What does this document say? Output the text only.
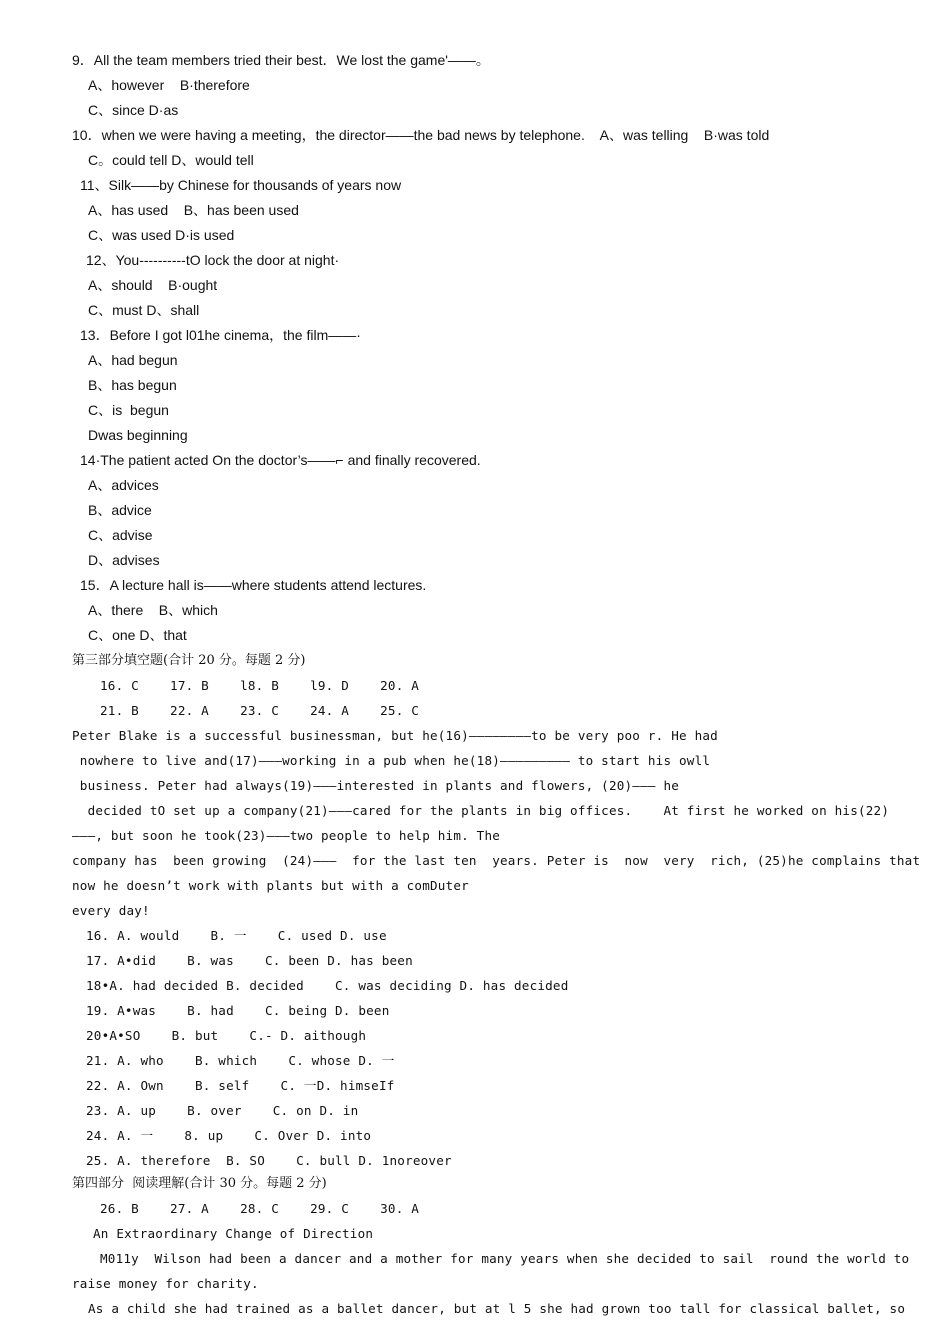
9．All the team members tried their best．We lost the game'——。
A、however    B·therefore
C、since D·as
10．when we were having a meeting，the director——the bad news by telephone.    A、was telling    B·was told
C。could tell D、would tell
11、Silk——by Chinese for thousands of years now
A、has used    B、has been used
C、was used D·is used
12、You----------tO lock the door at night·
A、should    B·ought
C、must D、shall
13．Before I got l01he cinema，the film——·
A、had begun
B、has begun
C、is  begun
Dwas beginning
14·The patient acted On the doctor’s——⌐ and finally recovered.
A、advices
B、advice
C、advise
D、advises
15．A lecture hall is——where students attend lectures.
A、there    B、which
C、one D、that
第三部分填空题(合计 20 分。每题 2 分)
16. C    17. B    l8. B    l9. D    20. A
21. B    22. A    23. C    24. A    25. C
Peter Blake is a successful businessman, but he(16)————————to be very poo r. He had
nowhere to live and(17)———working in a pub when he(18)————————— to start his owll
business. Peter had always(19)———interested in plants and flowers, (20)——— he
decided tO set up a company(21)———cared for the plants in big offices.    At first he worked on his(22)
———, but soon he took(23)———two people to help him. The
company has  been growing  (24)———  for the last ten  years. Peter is  now  very  rich, (25)he complains that
now he doesn’t work with plants but with a comDuter
every day!
16. A. would    B. 一    C. used D. use
17. A•did    B. was    C. been D. has been
18•A. had decided B. decided    C. was deciding D. has decided
19. A•was    B. had    C. being D. been
20•A•SO    B. but    C.- D. aithough
21. A. who    B. which    C. whose D. 一
22. A. Own    B. self    C. 一D. himseIf
23. A. up    B. over    C. on D. in
24. A. 一    8. up    C. Over D. into
25. A. therefore  B. SO    C. bull D. 1noreover
第四部分  阅读理解(合计 30 分。每题 2 分)
26. B    27. A    28. C    29. C    30. A
An Extraordinary Change of Direction
M011y  Wilson had been a dancer and a mother for many years when she decided to sail  round the world to
raise money for charity.
As a child she had trained as a ballet dancer, but at l 5 she had grown too tall for classical ballet, so
